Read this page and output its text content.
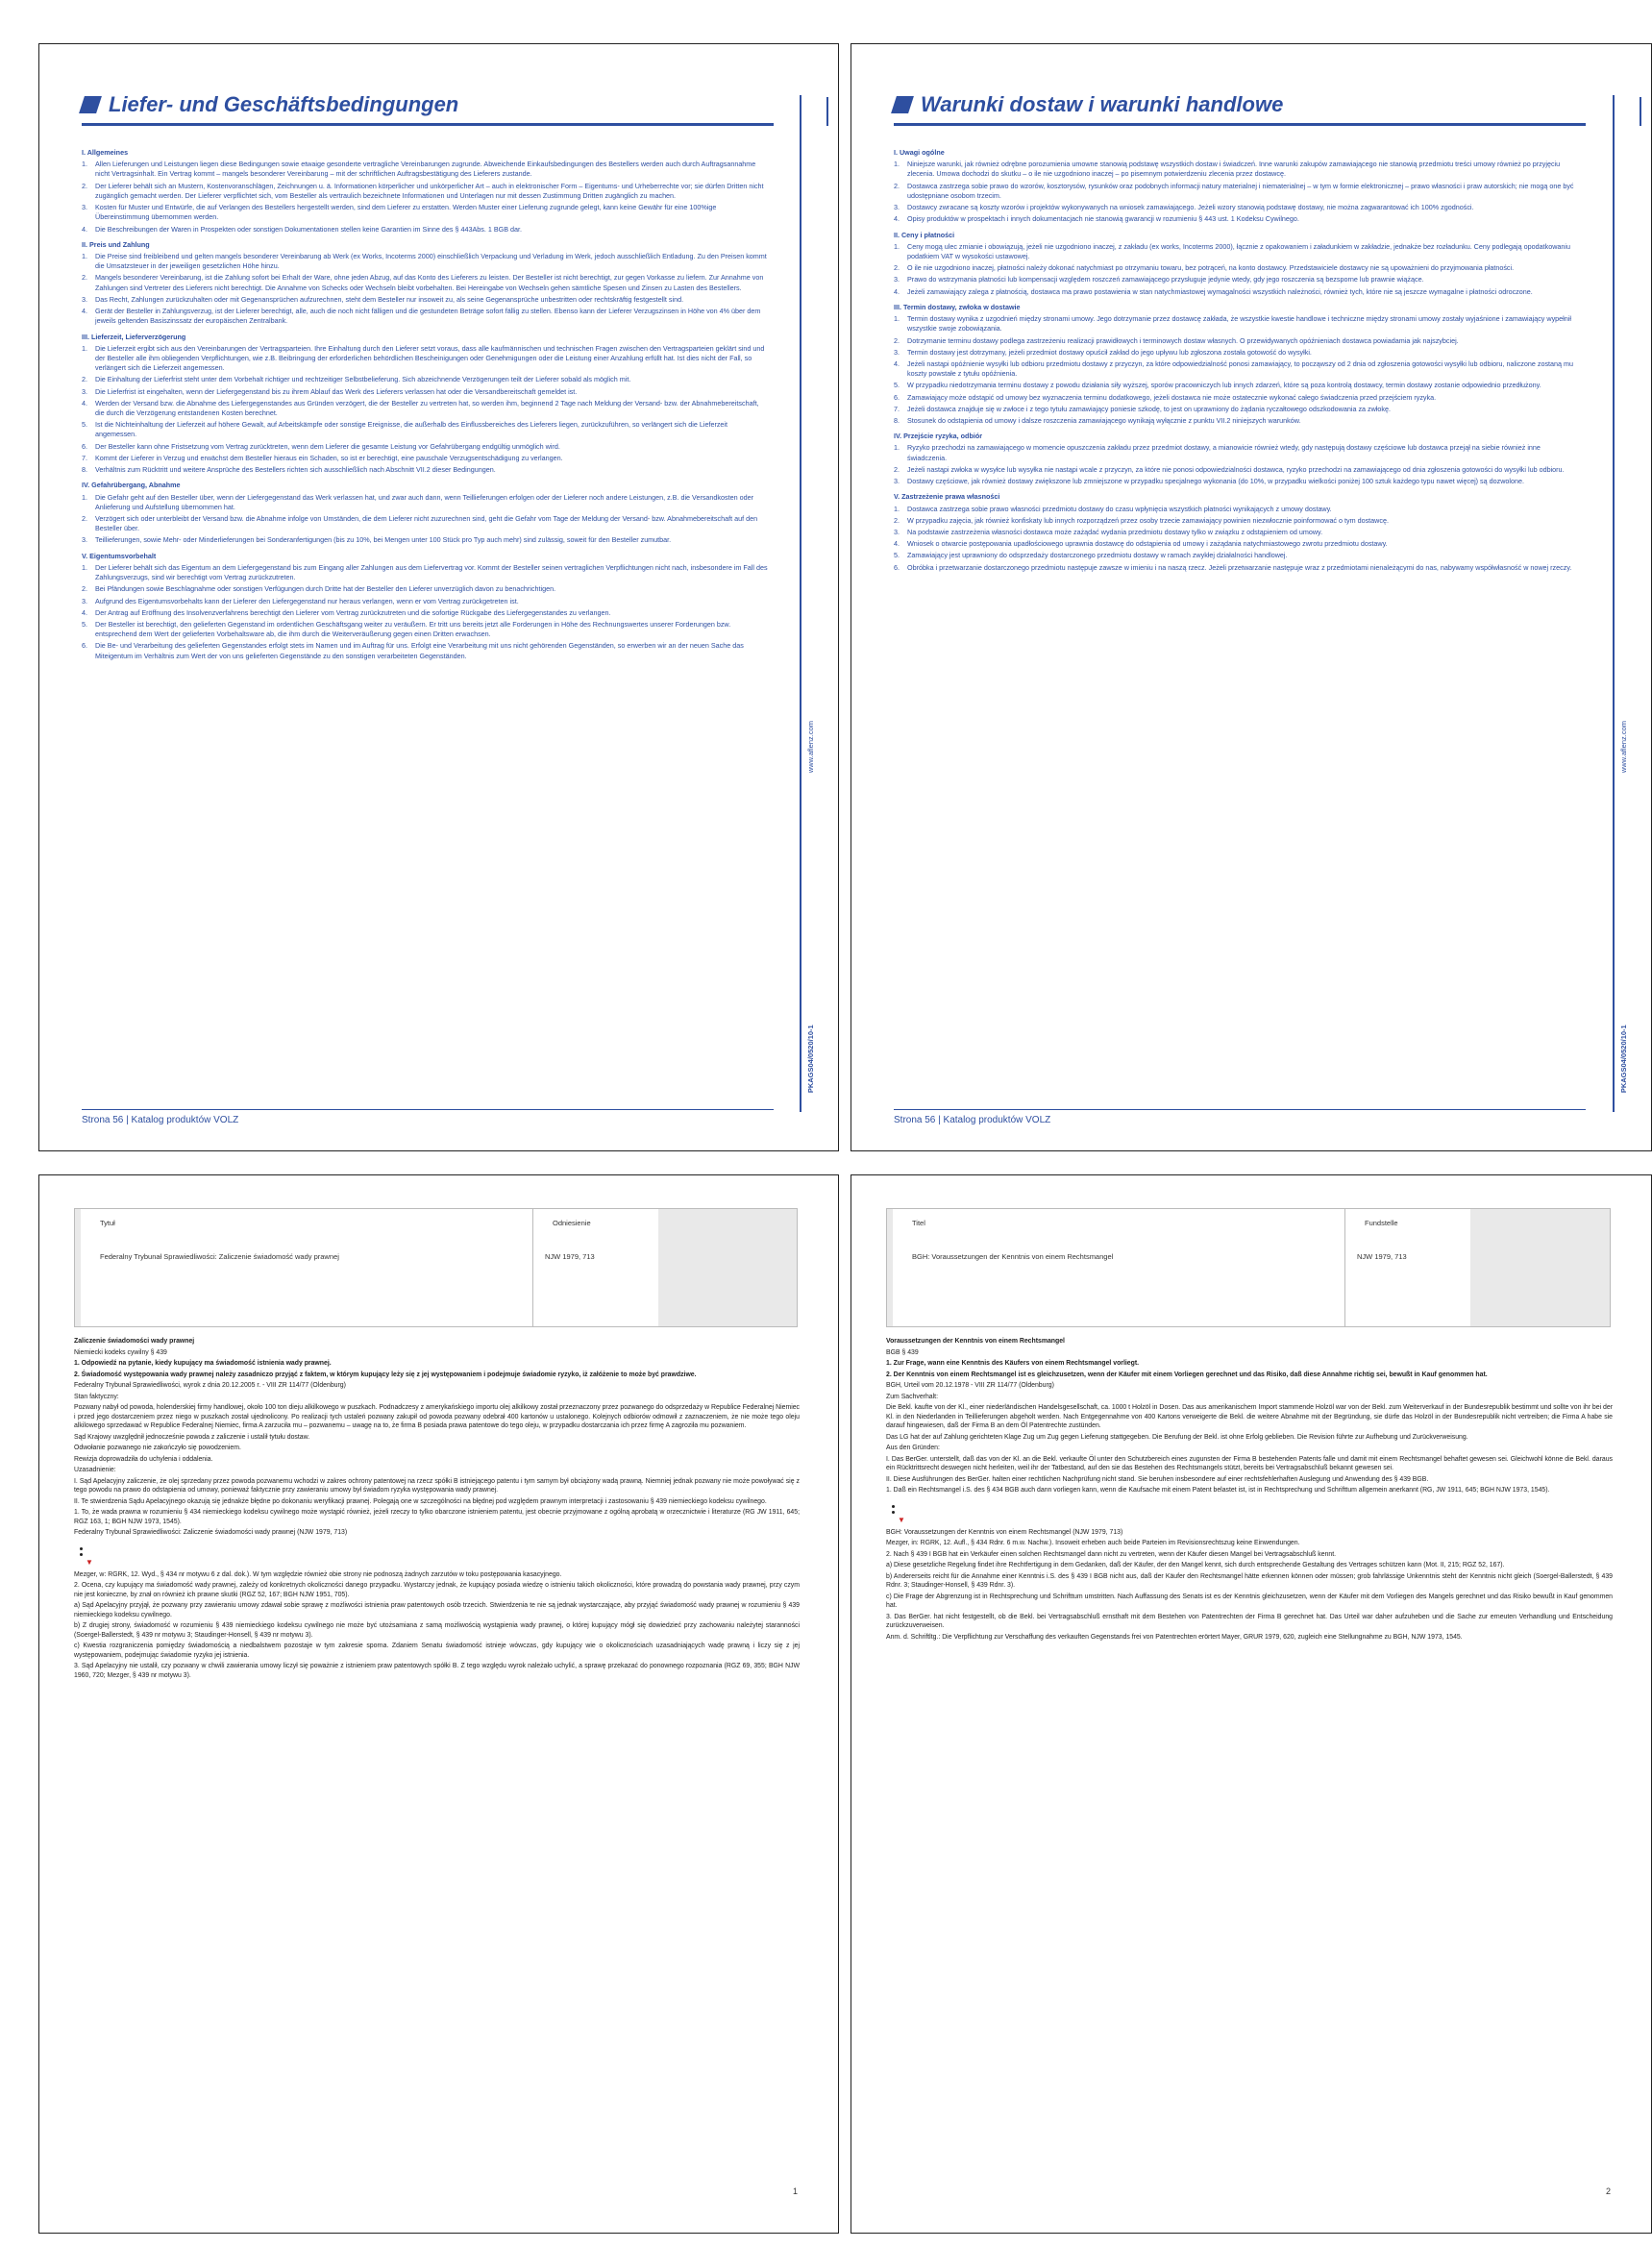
Liefer- und Geschäftsbedingungen
I. Allgemeines
1.	Allen Lieferungen und Leistungen liegen diese Bedingungen sowie etwaige gesonderte vertragliche Vereinbarungen zugrunde. Abweichende Einkaufsbedingungen des Bestellers werden auch durch Auftragsannahme nicht Vertragsinhalt. Ein Vertrag kommt – mangels besonderer Vereinbarung – mit der schriftlichen Auftragsbestätigung des Lieferers zustande.
2.	Der Lieferer behält sich an Mustern, Kostenvoranschlägen, Zeichnungen u. ä. Informationen körperlicher und unkörperlicher Art – auch in elektronischer Form – Eigentums- und Urheberrechte vor; sie dürfen Dritten nicht zugänglich gemacht werden. Der Lieferer verpflichtet sich, vom Besteller als vertraulich bezeichnete Informationen und Unterlagen nur mit dessen Zustimmung Dritten zugänglich zu machen.
3.	Kosten für Muster und Entwürfe, die auf Verlangen des Bestellers hergestellt werden, sind dem Lieferer zu erstatten. Werden Muster einer Lieferung zugrunde gelegt, kann keine Gewähr für eine 100%ige Übereinstimmung übernommen werden.
4.	Die Beschreibungen der Waren in Prospekten oder sonstigen Dokumentationen stellen keine Garantien im Sinne des § 443Abs. 1 BGB dar.
II. Preis und Zahlung
1.	Die Preise sind freibleibend und gelten mangels besonderer Vereinbarung ab Werk (ex Works, Incoterms 2000) einschließlich Verpackung und Verladung im Werk, jedoch ausschließlich Entladung. Zu den Preisen kommt die Umsatzsteuer in der jeweiligen gesetzlichen Höhe hinzu.
2.	Mangels besonderer Vereinbarung, ist die Zahlung sofort bei Erhalt der Ware, ohne jeden Abzug, auf das Konto des Lieferers zu leisten. Der Besteller ist nicht berechtigt, zur gegen Vorkasse zu liefern. Zur Annahme von Zahlungen sind Vertreter des Lieferers nicht berechtigt. Die Annahme von Schecks oder Wechseln bleibt vorbehalten. Bei Hereingabe von Wechseln gehen sämtliche Spesen und Zinsen zu Lasten des Bestellers.
3.	Das Recht, Zahlungen zurückzuhalten oder mit Gegenansprüchen aufzurechnen, steht dem Besteller nur insoweit zu, als seine Gegenansprüche unbestritten oder rechtskräftig festgestellt sind.
4.	Gerät der Besteller in Zahlungsverzug, ist der Lieferer berechtigt, alle, auch die noch nicht fälligen und die gestundeten Beträge sofort fällig zu stellen. Ebenso kann der Lieferer Verzugszinsen in Höhe von 4% über dem jeweils geltenden Basiszinssatz der europäischen Zentralbank.
III. Lieferzeit, Lieferverzögerung
1.	Die Lieferzeit ergibt sich aus den Vereinbarungen der Vertragsparteien. Ihre Einhaltung durch den Lieferer setzt voraus, dass alle kaufmännischen und technischen Fragen zwischen den Vertragsparteien geklärt sind und der Besteller alle ihm obliegenden Verpflichtungen, wie z.B. Beibringung der erforderlichen behördlichen Bescheinigungen oder Genehmigungen oder die Leistung einer Anzahlung erfüllt hat. Ist dies nicht der Fall, so verlängert sich die Lieferzeit angemessen.
2.	Die Einhaltung der Lieferfrist steht unter dem Vorbehalt richtiger und rechtzeitiger Selbstbelieferung. Sich abzeichnende Verzögerungen teilt der Lieferer sobald als möglich mit.
3.	Die Lieferfrist ist eingehalten, wenn der Liefergegenstand bis zu ihrem Ablauf das Werk des Lieferers verlassen hat oder die Versandbereitschaft gemeldet ist.
4.	Werden der Versand bzw. die Abnahme des Liefergegenstandes aus Gründen verzögert, die der Besteller zu vertreten hat, so werden ihm, beginnend 2 Tage nach Meldung der Versand- bzw. der Abnahmebereitschaft, die durch die Verzögerung entstandenen Kosten berechnet.
5.	Ist die Nichteinhaltung der Lieferzeit auf höhere Gewalt, auf Arbeitskämpfe oder sonstige Ereignisse, die außerhalb des Einflussbereiches des Lieferers liegen, zurückzuführen, so verlängert sich die Lieferzeit angemessen.
6.	Der Besteller kann ohne Fristsetzung vom Vertrag zurücktreten, wenn dem Lieferer die gesamte Leistung vor Gefahrübergang endgültig unmöglich wird.
7.	Kommt der Lieferer in Verzug und erwächst dem Besteller hieraus ein Schaden, so ist er berechtigt, eine pauschale Verzugsentschädigung zu verlangen.
8.	Verhältnis zum Rücktritt und weitere Ansprüche des Bestellers richten sich ausschließlich nach Abschnitt VII.2 dieser Bedingungen.
IV. Gefahrübergang, Abnahme
1.	Die Gefahr geht auf den Besteller über, wenn der Liefergegenstand das Werk verlassen hat, und zwar auch dann, wenn Teillieferungen erfolgen oder der Lieferer noch andere Leistungen, z.B. die Versandkosten oder Anlieferung und Aufstellung übernommen hat.
2.	Verzögert sich oder unterbleibt der Versand bzw. die Abnahme infolge von Umständen, die dem Lieferer nicht zuzurechnen sind, geht die Gefahr vom Tage der Meldung der Versand- bzw. Abnahmebereitschaft auf den Besteller über.
3.	Teillieferungen, sowie Mehr- oder Minderlieferungen bei Sonderanfertigungen (bis zu 10%, bei Mengen unter 100 Stück pro Typ auch mehr) sind zulässig, soweit für den Besteller zumutbar.
V. Eigentumsvorbehalt
1.	Der Lieferer behält sich das Eigentum an dem Liefergegenstand bis zum Eingang aller Zahlungen aus dem Liefervertrag vor. Kommt der Besteller seinen vertraglichen Verpflichtungen nicht nach, insbesondere im Fall des Zahlungsverzugs, sind wir berechtigt vom Vertrag zurückzutreten.
2.	Bei Pfändungen sowie Beschlagnahme oder sonstigen Verfügungen durch Dritte hat der Besteller den Lieferer unverzüglich davon zu benachrichtigen.
3.	Aufgrund des Eigentumsvorbehalts kann der Lieferer den Liefergegenstand nur heraus verlangen, wenn er vom Vertrag zurückgetreten ist.
4.	Der Antrag auf Eröffnung des Insolvenzverfahrens berechtigt den Lieferer vom Vertrag zurückzutreten und die sofortige Rückgabe des Liefergegenstandes zu verlangen.
5.	Der Besteller ist berechtigt, den gelieferten Gegenstand im ordentlichen Geschäftsgang weiter zu veräußern. Er tritt uns bereits jetzt alle Forderungen in Höhe des Rechnungswertes unserer Forderungen bzw. entsprechend dem Wert der gelieferten Vorbehaltsware ab, die ihm durch die Weiterveräußerung gegen einen Dritten erwachsen.
6.	Die Be- und Verarbeitung des gelieferten Gegenstandes erfolgt stets im Namen und im Auftrag für uns. Erfolgt eine Verarbeitung mit uns nicht gehörenden Gegenständen, so erwerben wir an der neuen Sache das Miteigentum im Verhältnis zum Wert der von uns gelieferten Gegenstände zu den sonstigen verarbeiteten Gegenständen.
PKAGS04/0520/10-1 www.aflenz.com
Strona 56 | Katalog produktów VOLZ
Warunki dostaw i warunki handlowe
I. Uwagi ogólne
1.	Niniejsze warunki, jak również odrębne porozumienia umowne stanowią podstawę wszystkich dostaw i świadczeń. Inne warunki zakupów zamawiającego nie stanowią przedmiotu treści umowy również po przyjęciu zlecenia. Umowa dochodzi do skutku – o ile nie uzgodniono inaczej – po pisemnym potwierdzeniu zlecenia przez dostawcę.
2.	Dostawca zastrzega sobie prawo do wzorów, kosztorysów, rysunków oraz podobnych informacji natury materialnej i niematerialnej – w tym w formie elektronicznej – prawo własności i praw autorskich; nie mogą one być udostępniane osobom trzecim.
3.	Dostawcy zwracane są koszty wzorów i projektów wykonywanych na wniosek zamawiającego. Jeżeli wzory stanowią podstawę dostawy, nie można zagwarantować ich 100% zgodności.
4.	Opisy produktów w prospektach i innych dokumentacjach nie stanowią gwarancji w rozumieniu § 443 ust. 1 Kodeksu Cywilnego.
II. Ceny i płatności
1.	Ceny mogą ulec zmianie i obowiązują, jeżeli nie uzgodniono inaczej, z zakładu (ex works, Incoterms 2000), łącznie z opakowaniem i załadunkiem w zakładzie, jednakże bez rozładunku. Ceny podlegają opodatkowaniu podatkiem VAT w wysokości ustawowej.
2.	O ile nie uzgodniono inaczej, płatności należy dokonać natychmiast po otrzymaniu towaru, bez potrąceń, na konto dostawcy. Przedstawiciele dostawcy nie są upoważnieni do przyjmowania płatności.
3.	Prawo do wstrzymania płatności lub kompensacji względem roszczeń zamawiającego przysługuje jedynie wtedy, gdy jego roszczenia są bezsporne lub prawnie wiążące.
4.	Jeżeli zamawiający zalega z płatnością, dostawca ma prawo postawienia w stan natychmiastowej wymagalności wszystkich należności, również tych, które nie są jeszcze wymagalne i płatności odroczone.
III. Termin dostawy, zwłoka w dostawie
1.	Termin dostawy wynika z uzgodnień między stronami umowy. Jego dotrzymanie przez dostawcę zakłada, że wszystkie kwestie handlowe i techniczne między stronami umowy zostały wyjaśnione i zamawiający wypełnił wszystkie swoje zobowiązania.
2.	Dotrzymanie terminu dostawy podlega zastrzeżeniu realizacji prawidłowych i terminowych dostaw własnych. O przewidywanych opóźnieniach dostawca powiadamia jak najszybciej.
3.	Termin dostawy jest dotrzymany, jeżeli przedmiot dostawy opuścił zakład do jego upływu lub zgłoszona została gotowość do wysyłki.
4.	Jeżeli nastąpi opóźnienie wysyłki lub odbioru przedmiotu dostawy z przyczyn, za które odpowiedzialność ponosi zamawiający, to począwszy od 2 dnia od zgłoszenia gotowości wysyłki lub odbioru, naliczone zostaną mu koszty powstałe z tytułu opóźnienia.
5.	W przypadku niedotrzymania terminu dostawy z powodu działania siły wyższej, sporów pracowniczych lub innych zdarzeń, które są poza kontrolą dostawcy, termin dostawy zostanie odpowiednio przedłużony.
6.	Zamawiający może odstąpić od umowy bez wyznaczenia terminu dodatkowego, jeżeli dostawca nie może ostatecznie wykonać całego świadczenia przed przejściem ryzyka.
7.	Jeżeli dostawca znajduje się w zwłoce i z tego tytułu zamawiający poniesie szkodę, to jest on uprawniony do żądania ryczałtowego odszkodowania za zwłokę.
8.	Stosunek do odstąpienia od umowy i dalsze roszczenia zamawiającego wynikają wyłącznie z punktu VII.2 niniejszych warunków.
IV. Przejście ryzyka, odbiór
1.	Ryzyko przechodzi na zamawiającego w momencie opuszczenia zakładu przez przedmiot dostawy, a mianowicie również wtedy, gdy następują dostawy częściowe lub dostawca przejął na siebie również inne świadczenia.
2.	Jeżeli nastąpi zwłoka w wysyłce lub wysyłka nie nastąpi wcale z przyczyn, za które nie ponosi odpowiedzialności dostawca, ryzyko przechodzi na zamawiającego od dnia zgłoszenia gotowości do wysyłki lub odbioru.
3.	Dostawy częściowe, jak również dostawy zwiększone lub zmniejszone w przypadku specjalnego wykonania (do 10%, w przypadku wielkości poniżej 100 sztuk każdego typu nawet więcej) są dozwolone.
V. Zastrzeżenie prawa własności
1.	Dostawca zastrzega sobie prawo własności przedmiotu dostawy do czasu wpłynięcia wszystkich płatności wynikających z umowy dostawy.
2.	W przypadku zajęcia, jak również konfiskaty lub innych rozporządzeń przez osoby trzecie zamawiający powinien niezwłocznie poinformować o tym dostawcę.
3.	Na podstawie zastrzeżenia własności dostawca może zażądać wydania przedmiotu dostawy tylko w związku z odstąpieniem od umowy.
4.	Wniosek o otwarcie postępowania upadłościowego uprawnia dostawcę do odstąpienia od umowy i zażądania natychmiastowego zwrotu przedmiotu dostawy.
5.	Zamawiający jest uprawniony do odsprzedaży dostarczonego przedmiotu dostawy w ramach zwykłej działalności handlowej.
6.	Obróbka i przetwarzanie dostarczonego przedmiotu następuje zawsze w imieniu i na naszą rzecz. Jeżeli przetwarzanie następuje wraz z przedmiotami nienależącymi do nas, nabywamy współwłasność w nowej rzeczy.
PKAGS04/0520/10-1 www.aflenz.com
Strona 56 | Katalog produktów VOLZ
Tytuł
Federalny Trybunał Sprawiedliwości: Zaliczenie świadomość wady prawnej
Odniesienie
NJW 1979, 713

Zaliczenie świadomości wady prawnej

Niemiecki kodeks cywilny § 439

1. Odpowiedź na pytanie, kiedy kupujący ma świadomość istnienia wady prawnej.

2. Świadomość występowania wady prawnej należy zasadniczo przyjąć z faktem, w którym kupujący leży się z jej występowaniem i podejmuje świadomie ryzyko, iż załóżenie to może być prawdziwe.

Federalny Trybunał Sprawiedliwości, wyrok z dnia 20.12.2005 r. - VIII ZR 114/77 (Oldenburg)

Stan faktyczny:

Pozwany nabył od powoda, holenderskiej firmy handlowej, około 100 ton dieju alkilkowego w puszkach. Podnadczesy z amerykańskiego importu olej alkilkowy został przeznaczony przez pozwanego do odsprzedaży w Republice Federalnej Niemiec i przed jego dostarczeniem przez niego w puszkach został ujednolicony. Po realizacji tych ustaleń pozwany zakupił od powoda pozwany odebrał 400 kartonów u ustalonego. Kolejnych odbiorów odmowił z zaznaczeniem, że nie może tego oleju alkilowego sprzedawać w Republice Federalnej Niemiec, firma A zarzuciła mu – pozwanemu – uwagę na to, że firma B posiada prawa patentowe do tego oleju, w przypadku dostarczania ich przez firmę A zagroziła mu pozwaniem.

Sąd Krajowy uwzględnił jednocześnie powoda z zaliczenie i ustalił tytułu dostaw.

Odwołanie pozwanego nie zakończyło się powodzeniem.

Rewizja doprowadziła do uchylenia i oddalenia.

Uzasadnienie:

I. Sąd Apelacyjny zaliczenie, że olej sprzedany przez powoda pozwanemu wchodzi w zakres ochrony patentowej na rzecz spółki B istniejącego patentu i tym samym był obciążony wadą prawną. Niemniej jednak pozwany nie może powoływać się z tego powodu na prawo do odstąpienia od umowy, ponieważ faktycznie przy zawieraniu umowy był świadom ryzyka występowania wady prawnej.

II. Te stwierdzenia Sądu Apelacyjnego okazują się jednakże błędne po dokonaniu weryfikacji prawnej. Polegają one w szczególności na błędnej pod względem prawnym interpretacji i zastosowaniu § 439 niemieckiego kodeksu cywilnego.

1. To, że wada prawna w rozumieniu § 434 niemieckiego kodeksu cywilnego może wystąpić również, jeżeli rzeczy to tylko obarczone istnieniem patentu, jest obecnie przyjmowane z ogólną aprobatą w orzecznictwie i literaturze (RG JW 1911, 645; RGZ 163, 1; BGH NJW 1973, 1545).

Federalny Trybunał Sprawiedliwości: Zaliczenie świadomości wady prawnej (NJW 1979, 713)

▼

Mezger, w: RGRK, 12. Wyd., § 434 nr motywu 6 z dal. dok.). W tym względzie również obie strony nie podnoszą żadnych zarzutów w toku postępowania kasacyjnego.

2. Ocena, czy kupujący ma świadomość wady prawnej, zależy od konkretnych okoliczności danego przypadku. Wystarczy jednak, że kupujący posiada wiedzę o istnieniu takich okoliczności, które prowadzą do powstania wady prawnej, przy czym nie jest konieczne, by znał on również ich prawne skutki (RGZ 52, 167; BGH NJW 1951, 705).

a) Sąd Apelacyjny przyjął, że pozwany przy zawieraniu umowy zdawał sobie sprawę z możliwości istnienia praw patentowych osób trzecich. Stwierdzenia te nie są jednak wystarczające, aby przyjąć świadomość wady prawnej w rozumieniu § 439 niemieckiego kodeksu cywilnego.

b) Z drugiej strony, świadomość w rozumieniu § 439 niemieckiego kodeksu cywilnego nie może być utożsamiana z samą możliwością wystąpienia wady prawnej, o której kupujący mógł się dowiedzieć przy zachowaniu należytej staranności (Soergel-Ballerstedt, § 439 nr motywu 3; Staudinger-Honsell, § 439 nr motywu 3).

c) Kwestia rozgraniczenia pomiędzy świadomością a niedbalstwem pozostaje w tym zakresie sporna. Zdaniem Senatu świadomość istnieje wówczas, gdy kupujący wie o okolicznościach uzasadniających wadę prawną i liczy się z jej występowaniem, podejmując świadomie ryzyko jej istnienia.

3. Sąd Apelacyjny nie ustalił, czy pozwany w chwili zawierania umowy liczył się poważnie z istnieniem praw patentowych spółki B. Z tego względu wyrok należało uchylić, a sprawę przekazać do ponownego rozpoznania (RGZ 69, 355; BGH NJW 1960, 720; Mezger, § 439 nr motywu 3).

1
Titel
BGH: Voraussetzungen der Kenntnis von einem Rechtsmangel
Fundstelle
NJW 1979, 713

Voraussetzungen der Kenntnis von einem Rechtsmangel

BGB § 439

1. Zur Frage, wann eine Kenntnis des Käufers von einem Rechtsmangel vorliegt.

2. Der Kenntnis von einem Rechtsmangel ist es gleichzusetzen, wenn der Käufer mit einem Vorliegen gerechnet und das Risiko, daß diese Annahme richtig sei, bewußt in Kauf genommen hat.

BGH, Urteil vom 20.12.1978 - VIII ZR 114/77 (Oldenburg)

Zum Sachverhalt:

Die Bekl. kaufte von der Kl., einer niederländischen Handelsgesellschaft, ca. 1000 t Holzöl in Dosen. Das aus amerikanischem Import stammende Holzöl war von der Bekl. zum Weiterverkauf in der Bundesrepublik bestimmt und sollte von ihr bei der Kl. in den Niederlanden in Teillieferungen abgeholt werden. Nach Entgegennahme von 400 Kartons verweigerte die Bekl. die weitere Abnahme mit der Begründung, sie dürfe das Holzöl in der Bundesrepublik nicht vertreiben; die Firma A habe sie darauf hingewiesen, daß der Firma B an dem Öl Patentrechte zustünden.

Das LG hat der auf Zahlung gerichteten Klage Zug um Zug gegen Lieferung stattgegeben. Die Berufung der Bekl. ist ohne Erfolg geblieben. Die Revision führte zur Aufhebung und Zurückverweisung.

Aus den Gründen:

I. Das BerGer. unterstellt, daß das von der Kl. an die Bekl. verkaufte Öl unter den Schutzbereich eines zugunsten der Firma B bestehenden Patents falle und damit mit einem Rechtsmangel behaftet gewesen sei. Gleichwohl könne die Bekl. daraus ein Rücktrittsrecht deswegen nicht herleiten, weil ihr der Tatbestand, auf den sie das Bestehen des Rechtsmangels stützt, bereits bei Vertragsabschluß bekannt gewesen sei.

II. Diese Ausführungen des BerGer. halten einer rechtlichen Nachprüfung nicht stand. Sie beruhen insbesondere auf einer rechtsfehlerhaften Auslegung und Anwendung des § 439 BGB.

1. Daß ein Rechtsmangel i.S. des § 434 BGB auch dann vorliegen kann, wenn die Kaufsache mit einem Patent belastet ist, ist in Rechtsprechung und Schrifttum allgemein anerkannt (RG, JW 1911, 645; BGH NJW 1973, 1545).

▼

BGH: Voraussetzungen der Kenntnis von einem Rechtsmangel (NJW 1979, 713)

Mezger, in: RGRK, 12. Aufl., § 434 Rdnr. 6 m.w. Nachw.). Insoweit erheben auch beide Parteien im Revisionsrechtszug keine Einwendungen.

2. Nach § 439 I BGB hat ein Verkäufer einen solchen Rechtsmangel dann nicht zu vertreten, wenn der Käufer diesen Mangel bei Vertragsabschluß kennt.

a) Diese gesetzliche Regelung findet ihre Rechtfertigung in dem Gedanken, daß der Käufer, der den Mangel kennt, sich durch entsprechende Gestaltung des Vertrages schützen kann (Mot. II, 215; RGZ 52, 167).

b) Andererseits reicht für die Annahme einer Kenntnis i.S. des § 439 I BGB nicht aus, daß der Käufer den Rechtsmangel hätte erkennen können oder müssen; grob fahrlässige Unkenntnis steht der Kenntnis nicht gleich (Soergel-Ballerstedt, § 439 Rdnr. 3; Staudinger-Honsell, § 439 Rdnr. 3).

c) Die Frage der Abgrenzung ist in Rechtsprechung und Schrifttum umstritten. Nach Auffassung des Senats ist es der Kenntnis gleichzusetzen, wenn der Käufer mit dem Vorliegen des Mangels gerechnet und das Risiko bewußt in Kauf genommen hat.

3. Das BerGer. hat nicht festgestellt, ob die Bekl. bei Vertragsabschluß ernsthaft mit dem Bestehen von Patentrechten der Firma B gerechnet hat. Das Urteil war daher aufzuheben und die Sache zur erneuten Verhandlung und Entscheidung zurückzuverweisen.

Anm. d. Schriftltg.: Die Verpflichtung zur Verschaffung des verkauften Gegenstands frei von Patentrechten erörtert Mayer, GRUR 1979, 620, zugleich eine Stellungnahme zu BGH, NJW 1973, 1545.

2
